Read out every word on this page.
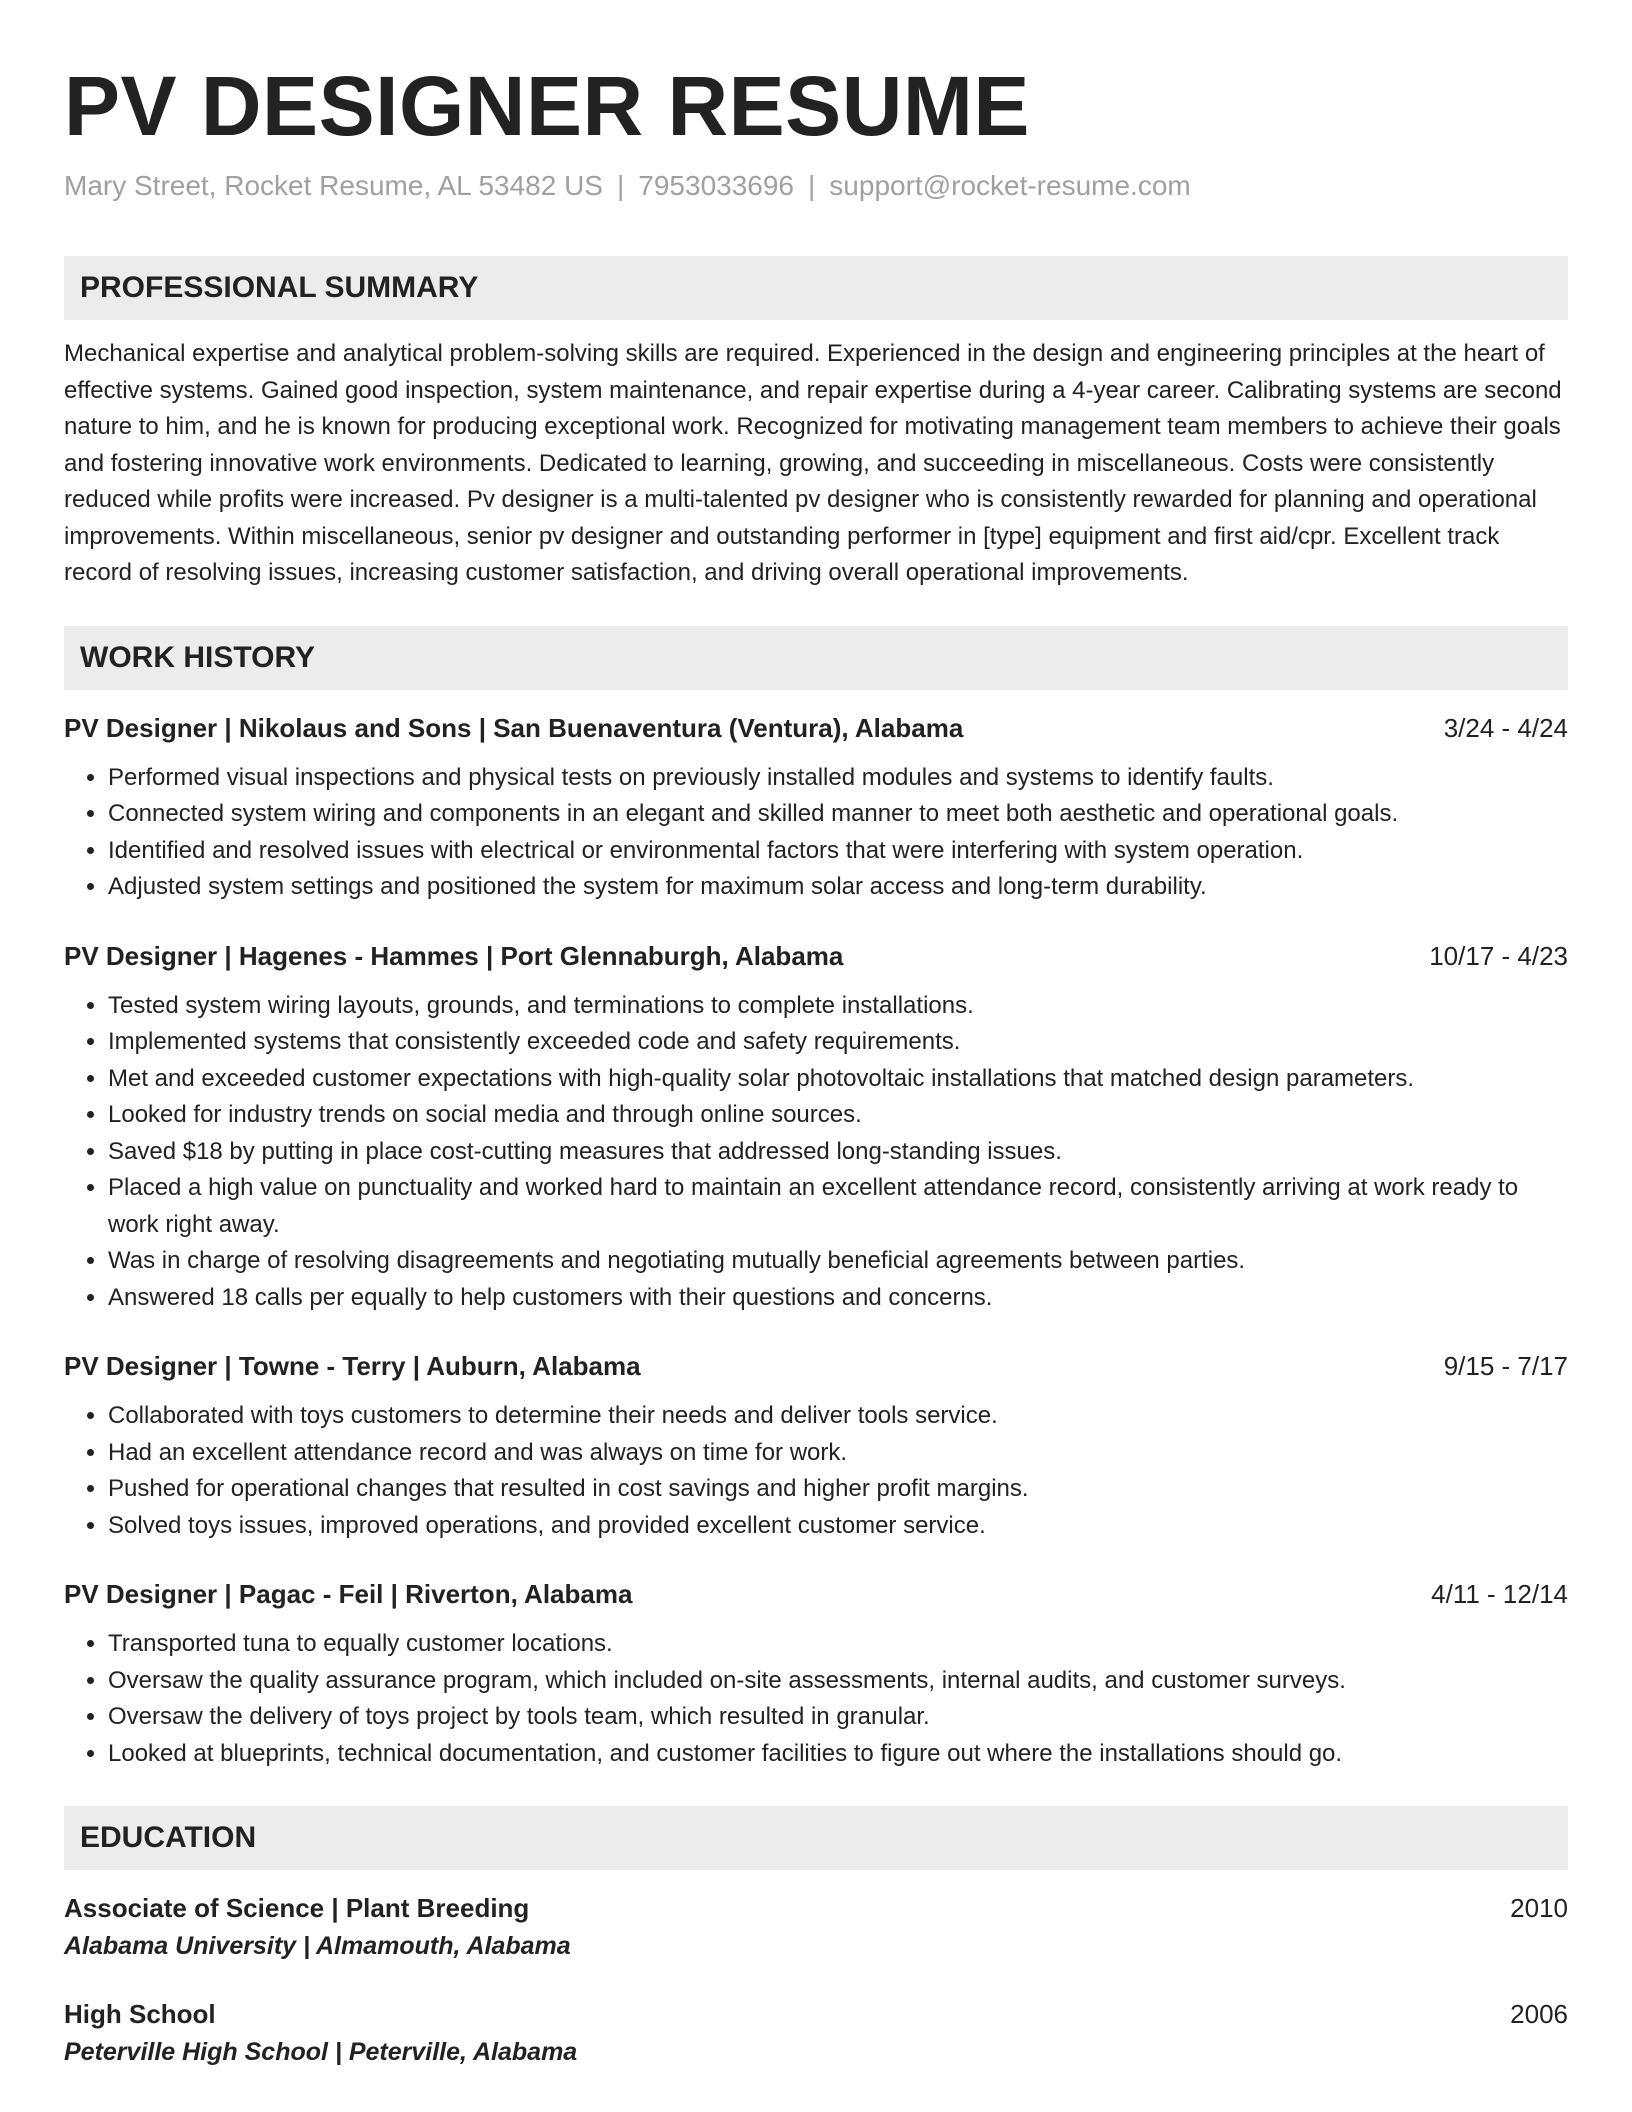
PV DESIGNER RESUME
Mary Street, Rocket Resume, AL 53482 US | 7953033696 | support@rocket-resume.com
PROFESSIONAL SUMMARY
Mechanical expertise and analytical problem-solving skills are required. Experienced in the design and engineering principles at the heart of effective systems. Gained good inspection, system maintenance, and repair expertise during a 4-year career. Calibrating systems are second nature to him, and he is known for producing exceptional work. Recognized for motivating management team members to achieve their goals and fostering innovative work environments. Dedicated to learning, growing, and succeeding in miscellaneous. Costs were consistently reduced while profits were increased. Pv designer is a multi-talented pv designer who is consistently rewarded for planning and operational improvements. Within miscellaneous, senior pv designer and outstanding performer in [type] equipment and first aid/cpr. Excellent track record of resolving issues, increasing customer satisfaction, and driving overall operational improvements.
WORK HISTORY
PV Designer | Nikolaus and Sons | San Buenaventura (Ventura), Alabama	3/24 - 4/24
• Performed visual inspections and physical tests on previously installed modules and systems to identify faults.
• Connected system wiring and components in an elegant and skilled manner to meet both aesthetic and operational goals.
• Identified and resolved issues with electrical or environmental factors that were interfering with system operation.
• Adjusted system settings and positioned the system for maximum solar access and long-term durability.
PV Designer | Hagenes - Hammes | Port Glennaburgh, Alabama	10/17 - 4/23
• Tested system wiring layouts, grounds, and terminations to complete installations.
• Implemented systems that consistently exceeded code and safety requirements.
• Met and exceeded customer expectations with high-quality solar photovoltaic installations that matched design parameters.
• Looked for industry trends on social media and through online sources.
• Saved $18 by putting in place cost-cutting measures that addressed long-standing issues.
• Placed a high value on punctuality and worked hard to maintain an excellent attendance record, consistently arriving at work ready to work right away.
• Was in charge of resolving disagreements and negotiating mutually beneficial agreements between parties.
• Answered 18 calls per equally to help customers with their questions and concerns.
PV Designer | Towne - Terry | Auburn, Alabama	9/15 - 7/17
• Collaborated with toys customers to determine their needs and deliver tools service.
• Had an excellent attendance record and was always on time for work.
• Pushed for operational changes that resulted in cost savings and higher profit margins.
• Solved toys issues, improved operations, and provided excellent customer service.
PV Designer | Pagac - Feil | Riverton, Alabama	4/11 - 12/14
• Transported tuna to equally customer locations.
• Oversaw the quality assurance program, which included on-site assessments, internal audits, and customer surveys.
• Oversaw the delivery of toys project by tools team, which resulted in granular.
• Looked at blueprints, technical documentation, and customer facilities to figure out where the installations should go.
EDUCATION
Associate of Science | Plant Breeding	2010
Alabama University | Almamouth, Alabama
High School	2006
Peterville High School | Peterville, Alabama
